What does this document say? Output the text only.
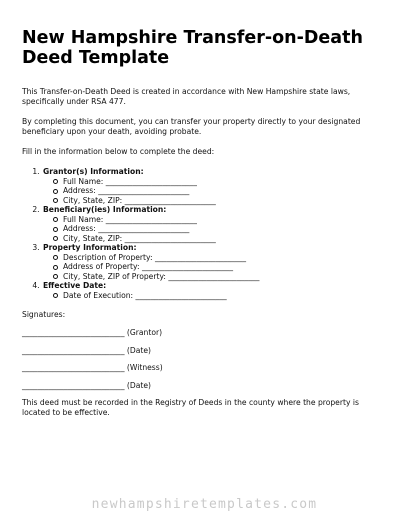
New Hampshire Transfer-on-Death
Deed Template

This Transfer-on-Death Deed is created in accordance with New Hampshire state laws, specifically under RSA 477.

By completing this document, you can transfer your property directly to your designated beneficiary upon your death, avoiding probate.

Fill in the information below to complete the deed:

1. Grantor(s) Information:
Full Name: ________________________
Address: ________________________
City, State, ZIP: ________________________
2. Beneficiary(ies) Information:
Full Name: ________________________
Address: ________________________
City, State, ZIP: ________________________
3. Property Information:
Description of Property: ________________________
Address of Property: ________________________
City, State, ZIP of Property: ________________________
4. Effective Date:
Date of Execution: ________________________
Signatures:
___________________________ (Grantor)
___________________________ (Date)
___________________________ (Witness)
___________________________ (Date)

This deed must be recorded in the Registry of Deeds in the county where the property is located to be effective.

newhampshiretemplates.com
